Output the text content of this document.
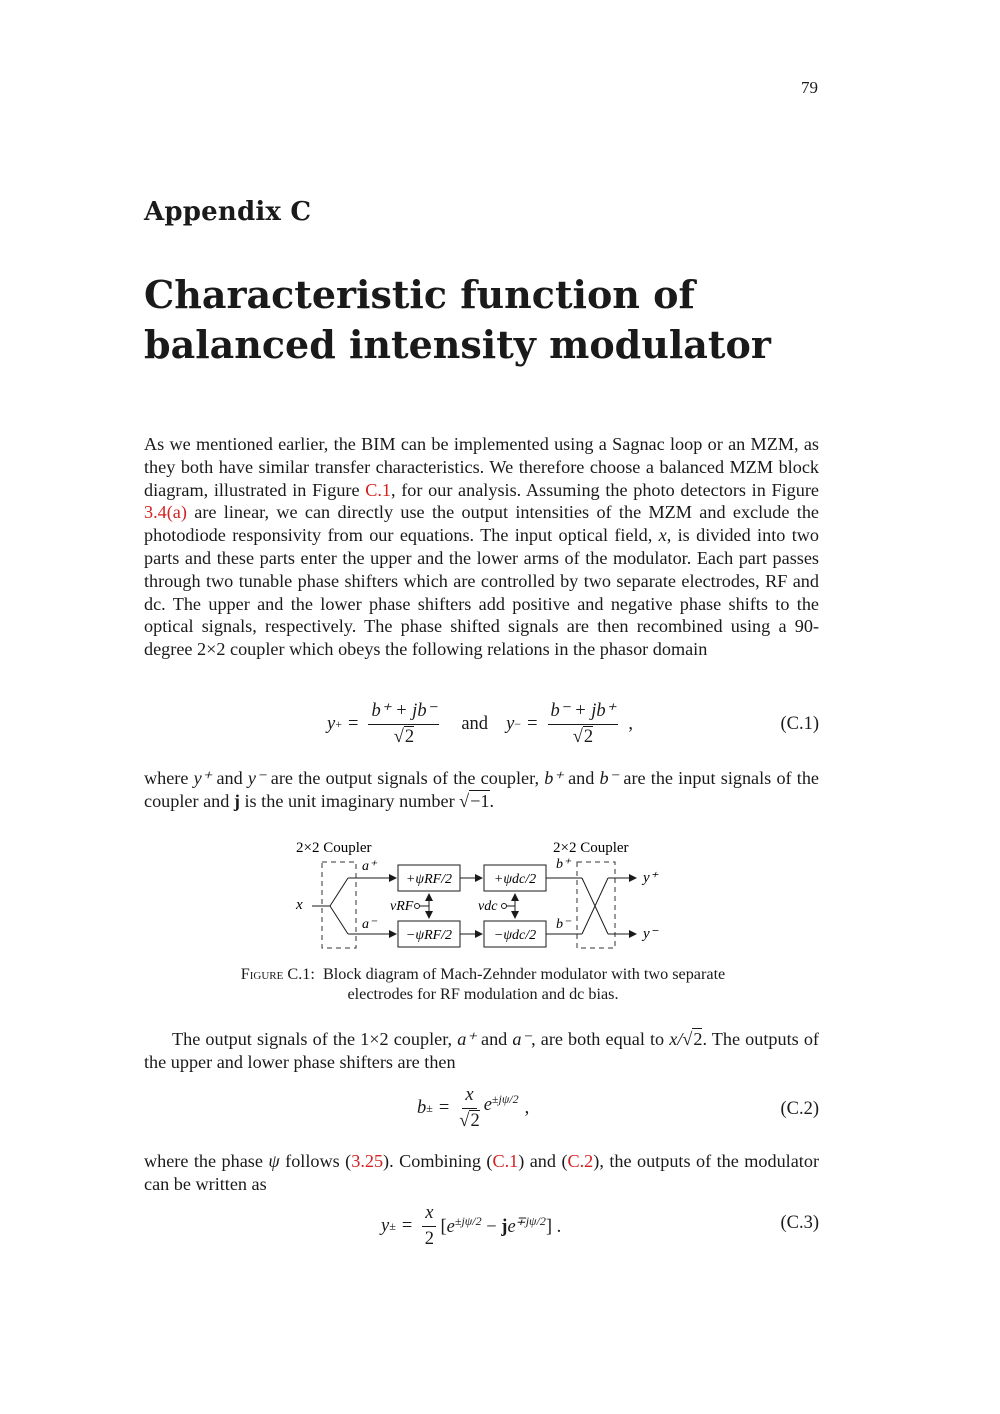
79
Appendix C
Characteristic function of balanced intensity modulator
As we mentioned earlier, the BIM can be implemented using a Sagnac loop or an MZM, as they both have similar transfer characteristics. We therefore choose a balanced MZM block diagram, illustrated in Figure C.1, for our analysis. Assuming the photo detectors in Figure 3.4(a) are linear, we can directly use the output intensities of the MZM and exclude the photodiode responsivity from our equations. The input optical field, x, is divided into two parts and these parts enter the upper and the lower arms of the modulator. Each part passes through two tunable phase shifters which are controlled by two separate electrodes, RF and dc. The upper and the lower phase shifters add positive and negative phase shifts to the optical signals, respectively. The phase shifted signals are then recombined using a 90-degree 2×2 coupler which obeys the following relations in the phasor domain
y + = $\frac{b^+ + jb^-}{√2}$ and y − = $\frac{b^- + jb^+}{√2}$ ,	(C.1)
where y⁺ and y⁻ are the output signals of the coupler, b⁺ and b⁻ are the input signals of the coupler and j is the unit imaginary number √−1.
2×2 Coupler	2×2 Coupler
x
a⁺
a⁻
+ψRF/2
−ψRF/2
vRF
+ψdc/2
−ψdc/2
vdc
b⁺
b⁻
y⁺
y⁻
Figure C.1: Block diagram of Mach-Zehnder modulator with two separate electrodes for RF modulation and dc bias.
The output signals of the 1×2 coupler, a⁺ and a⁻, are both equal to x/√2. The outputs of the upper and lower phase shifters are then
b ± = $\frac{x}{√2} e^{\pm j\psi/2}$ ,	(C.2)
where the phase ψ follows (3.25). Combining (C.1) and (C.2), the outputs of the modulator can be written as
y ± = $\frac{x}{2} [e^{\pm j\psi/2} - je^{\mp j\psi/2}]$ .	(C.3)
